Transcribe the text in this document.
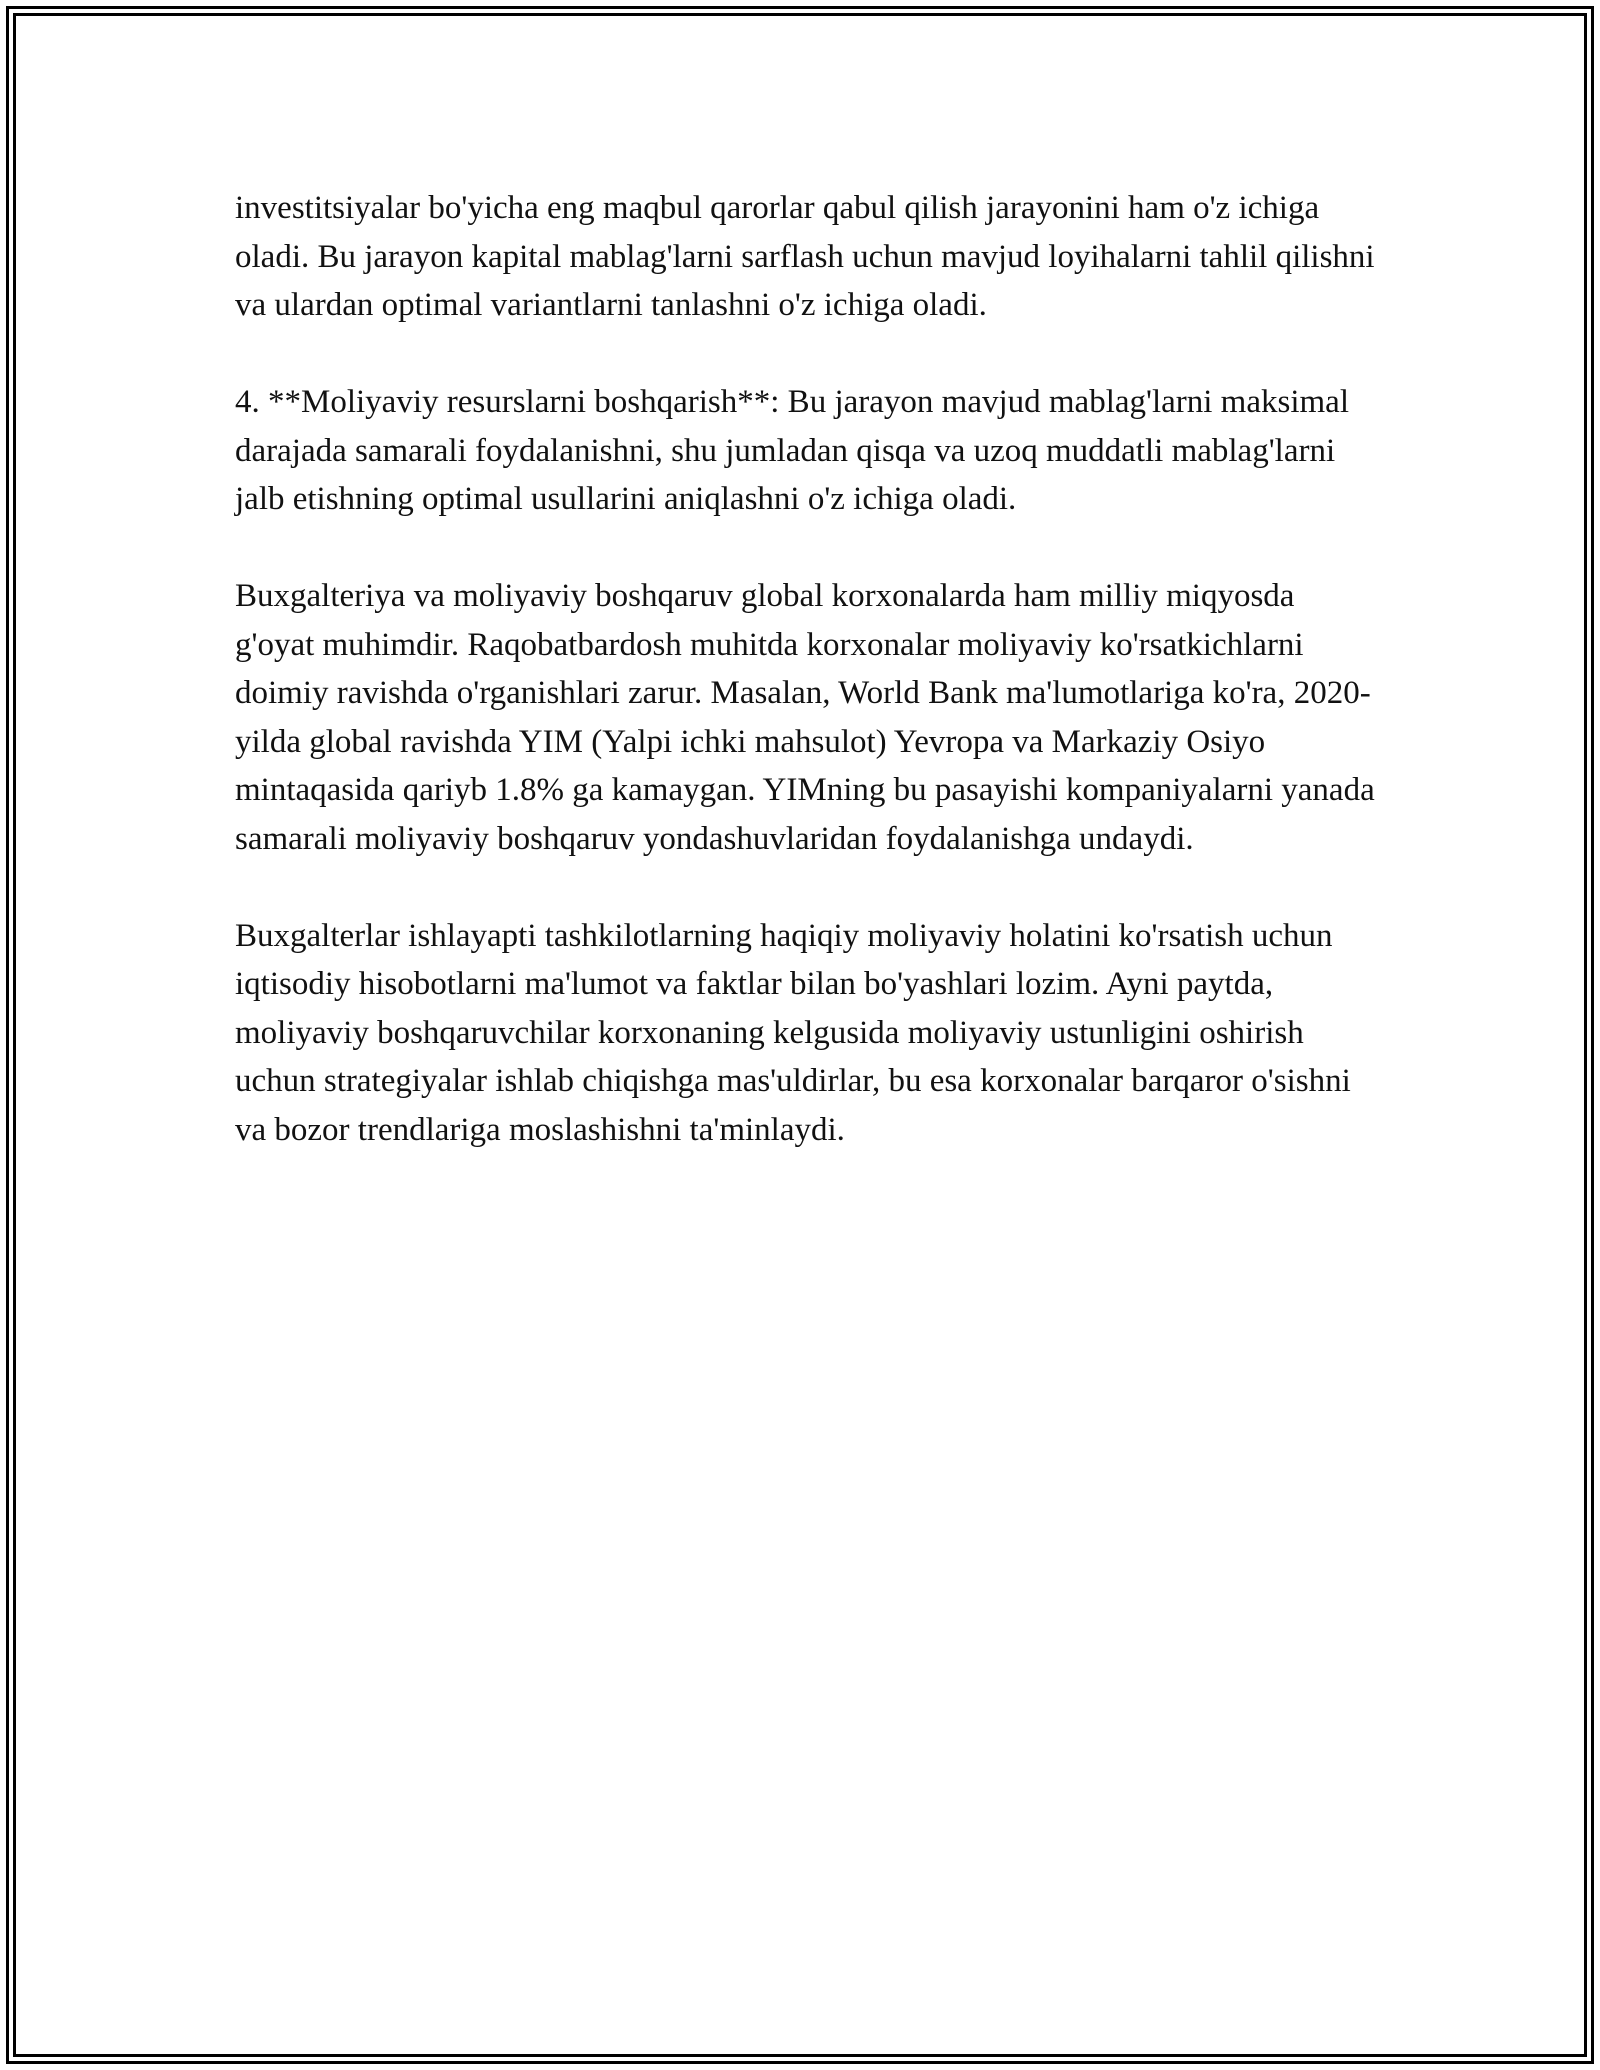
investitsiyalar bo'yicha eng maqbul qarorlar qabul qilish jarayonini ham o'z ichiga oladi. Bu jarayon kapital mablag'larni sarflash uchun mavjud loyihalarni tahlil qilishni va ulardan optimal variantlarni tanlashni o'z ichiga oladi.

4. **Moliyaviy resurslarni boshqarish**: Bu jarayon mavjud mablag'larni maksimal darajada samarali foydalanishni, shu jumladan qisqa va uzoq muddatli mablag'larni jalb etishning optimal usullarini aniqlashni o'z ichiga oladi.

Buxgalteriya va moliyaviy boshqaruv global korxonalarda ham milliy miqyosda g'oyat muhimdir. Raqobatbardosh muhitda korxonalar moliyaviy ko'rsatkichlarni doimiy ravishda o'rganishlari zarur. Masalan, World Bank ma'lumotlariga ko'ra, 2020-yilda global ravishda YIM (Yalpi ichki mahsulot) Yevropa va Markaziy Osiyo mintaqasida qariyb 1.8% ga kamaygan. YIMning bu pasayishi kompaniyalarni yanada samarali moliyaviy boshqaruv yondashuvlaridan foydalanishga undaydi.

Buxgalterlar ishlayapti tashkilotlarning haqiqiy moliyaviy holatini ko'rsatish uchun iqtisodiy hisobotlarni ma'lumot va faktlar bilan bo'yashlari lozim. Ayni paytda, moliyaviy boshqaruvchilar korxonaning kelgusida moliyaviy ustunligini oshirish uchun strategiyalar ishlab chiqishga mas'uldirlar, bu esa korxonalar barqaror o'sishni va bozor trendlariga moslashishni ta'minlaydi.
